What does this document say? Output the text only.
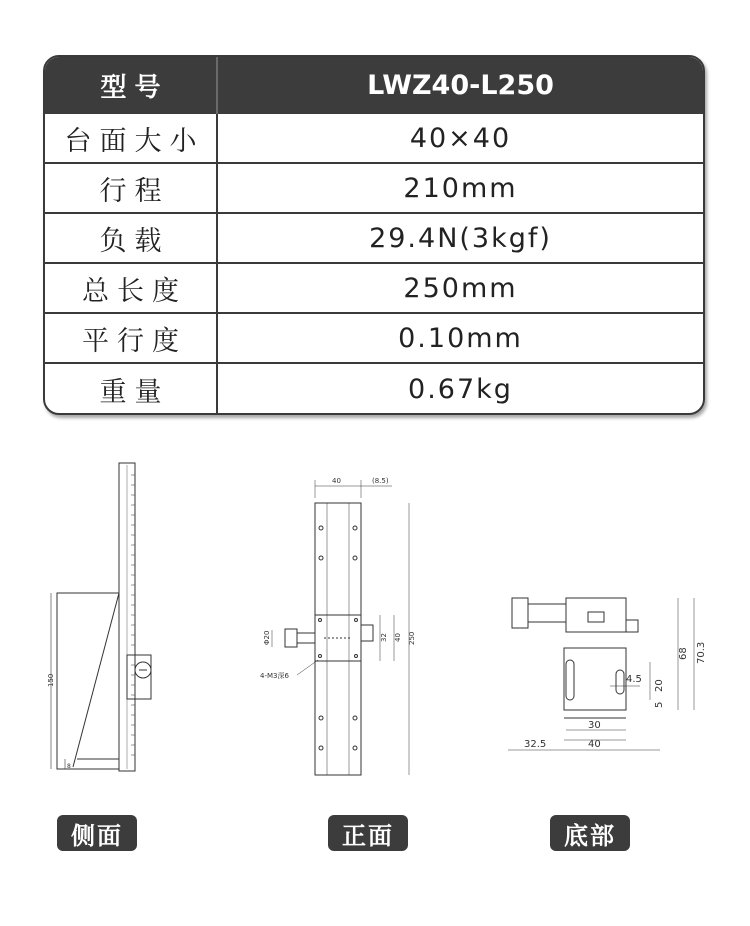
型号	LWZ40-L250
台面大小	40×40
行程	210mm
负载	29.4N(3kgf)
总长度	250mm
平行度	0.10mm
重量	0.67kg
150
8
40	(8.5)
Φ20	32 40 250
4-M3深6	4.5 20
5
68 70.3
30
32.5	40
侧面	正面	底部
